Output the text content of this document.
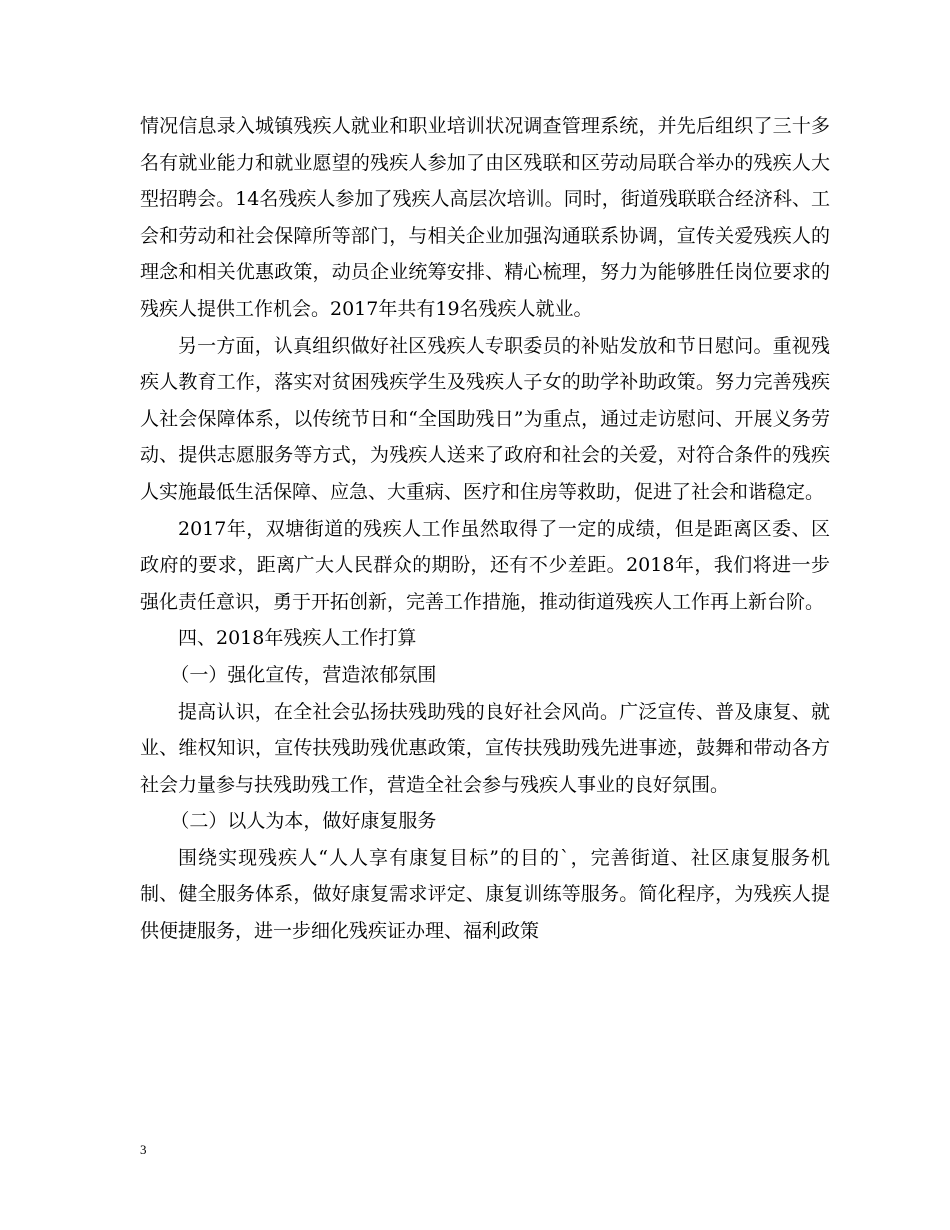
情况信息录入城镇残疾人就业和职业培训状况调查管理系统，并先后组织了三十多名有就业能力和就业愿望的残疾人参加了由区残联和区劳动局联合举办的残疾人大型招聘会。14名残疾人参加了残疾人高层次培训。同时，街道残联联合经济科、工会和劳动和社会保障所等部门，与相关企业加强沟通联系协调，宣传关爱残疾人的理念和相关优惠政策，动员企业统筹安排、精心梳理，努力为能够胜任岗位要求的残疾人提供工作机会。2017年共有19名残疾人就业。

另一方面，认真组织做好社区残疾人专职委员的补贴发放和节日慰问。重视残疾人教育工作，落实对贫困残疾学生及残疾人子女的助学补助政策。努力完善残疾人社会保障体系，以传统节日和“全国助残日”为重点，通过走访慰问、开展义务劳动、提供志愿服务等方式，为残疾人送来了政府和社会的关爱，对符合条件的残疾人实施最低生活保障、应急、大重病、医疗和住房等救助，促进了社会和谐稳定。

2017年，双塘街道的残疾人工作虽然取得了一定的成绩，但是距离区委、区政府的要求，距离广大人民群众的期盼，还有不少差距。2018年，我们将进一步强化责任意识，勇于开拓创新，完善工作措施，推动街道残疾人工作再上新台阶。

四、2018年残疾人工作打算

（一）强化宣传，营造浓郁氛围

提高认识，在全社会弘扬扶残助残的良好社会风尚。广泛宣传、普及康复、就业、维权知识，宣传扶残助残优惠政策，宣传扶残助残先进事迹，鼓舞和带动各方社会力量参与扶残助残工作，营造全社会参与残疾人事业的良好氛围。

（二）以人为本，做好康复服务

围绕实现残疾人“人人享有康复目标”的目的`，完善街道、社区康复服务机制、健全服务体系，做好康复需求评定、康复训练等服务。简化程序，为残疾人提供便捷服务，进一步细化残疾证办理、福利政策

3
